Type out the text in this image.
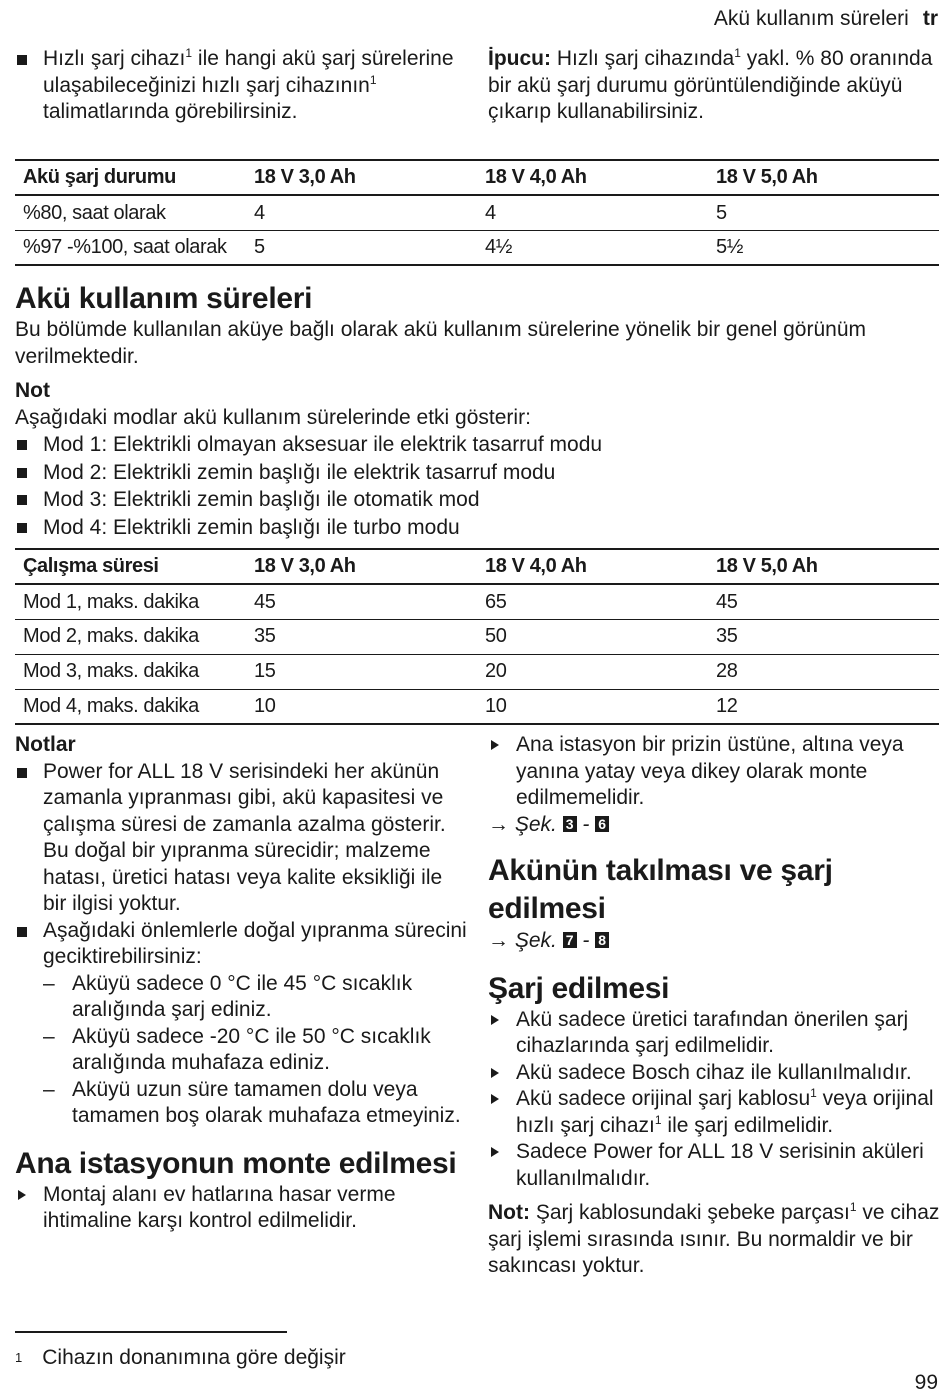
Akü kullanım süreleri tr
Hızlı şarj cihazı$^1$ ile hangi akü şarj sürelerine ulaşabileceğinizi hızlı şarj cihazının$^1$ talimatlarında görebilirsiniz.
İpucu: Hızlı şarj cihazında$^1$ yakl. % 80 oranında bir akü şarj durumu görüntülendiğinde aküyü çıkarıp kullanabilirsiniz.
Akü şarj durumu	18 V 3,0 Ah	18 V 4,0 Ah	18 V 5,0 Ah
%80, saat olarak	4	4	5
%97 -%100, saat olarak	5	4½	5½
Akü kullanım süreleri
Bu bölümde kullanılan aküye bağlı olarak akü kullanım sürelerine yönelik bir genel görünüm verilmektedir.
Not
Aşağıdaki modlar akü kullanım sürelerinde etki gösterir:
Mod 1: Elektrikli olmayan aksesuar ile elektrik tasarruf modu
Mod 2: Elektrikli zemin başlığı ile elektrik tasarruf modu
Mod 3: Elektrikli zemin başlığı ile otomatik mod
Mod 4: Elektrikli zemin başlığı ile turbo modu
Çalışma süresi	18 V 3,0 Ah	18 V 4,0 Ah	18 V 5,0 Ah
Mod 1, maks. dakika	45	65	45
Mod 2, maks. dakika	35	50	35
Mod 3, maks. dakika	15	20	28
Mod 4, maks. dakika	10	10	12
Notlar
Power for ALL 18 V serisindeki her akünün zamanla yıpranması gibi, akü kapasitesi ve çalışma süresi de zamanla azalma gösterir. Bu doğal bir yıpranma sürecidir; malzeme hatası, üretici hatası veya kalite eksikliği ile bir ilgisi yoktur.
Aşağıdaki önlemlerle doğal yıpranma sürecini geciktirebilirsiniz:
– Aküyü sadece 0 °C ile 45 °C sıcaklık aralığında şarj ediniz.
– Aküyü sadece -20 °C ile 50 °C sıcaklık aralığında muhafaza ediniz.
– Aküyü uzun süre tamamen dolu veya tamamen boş olarak muhafaza etmeyiniz.
Ana istasyonun monte edilmesi
Montaj alanı ev hatlarına hasar verme ihtimaline karşı kontrol edilmelidir.
Ana istasyon bir prizin üstüne, altına veya yanına yatay veya dikey olarak monte edilmemelidir.
→ Şek. 3 - 6
Akünün takılması ve şarj edilmesi
→ Şek. 7 - 8
Şarj edilmesi
Akü sadece üretici tarafından önerilen şarj cihazlarında şarj edilmelidir.
Akü sadece Bosch cihaz ile kullanılmalıdır.
Akü sadece orijinal şarj kablosu$^1$ veya orijinal hızlı şarj cihazı$^1$ ile şarj edilmelidir.
Sadece Power for ALL 18 V serisinin aküleri kullanılmalıdır.
Not: Şarj kablosundaki şebeke parçası$^1$ ve cihaz şarj işlemi sırasında ısınır. Bu normaldir ve bir sakıncası yoktur.
$^1$ Cihazın donanımına göre değişir
99
